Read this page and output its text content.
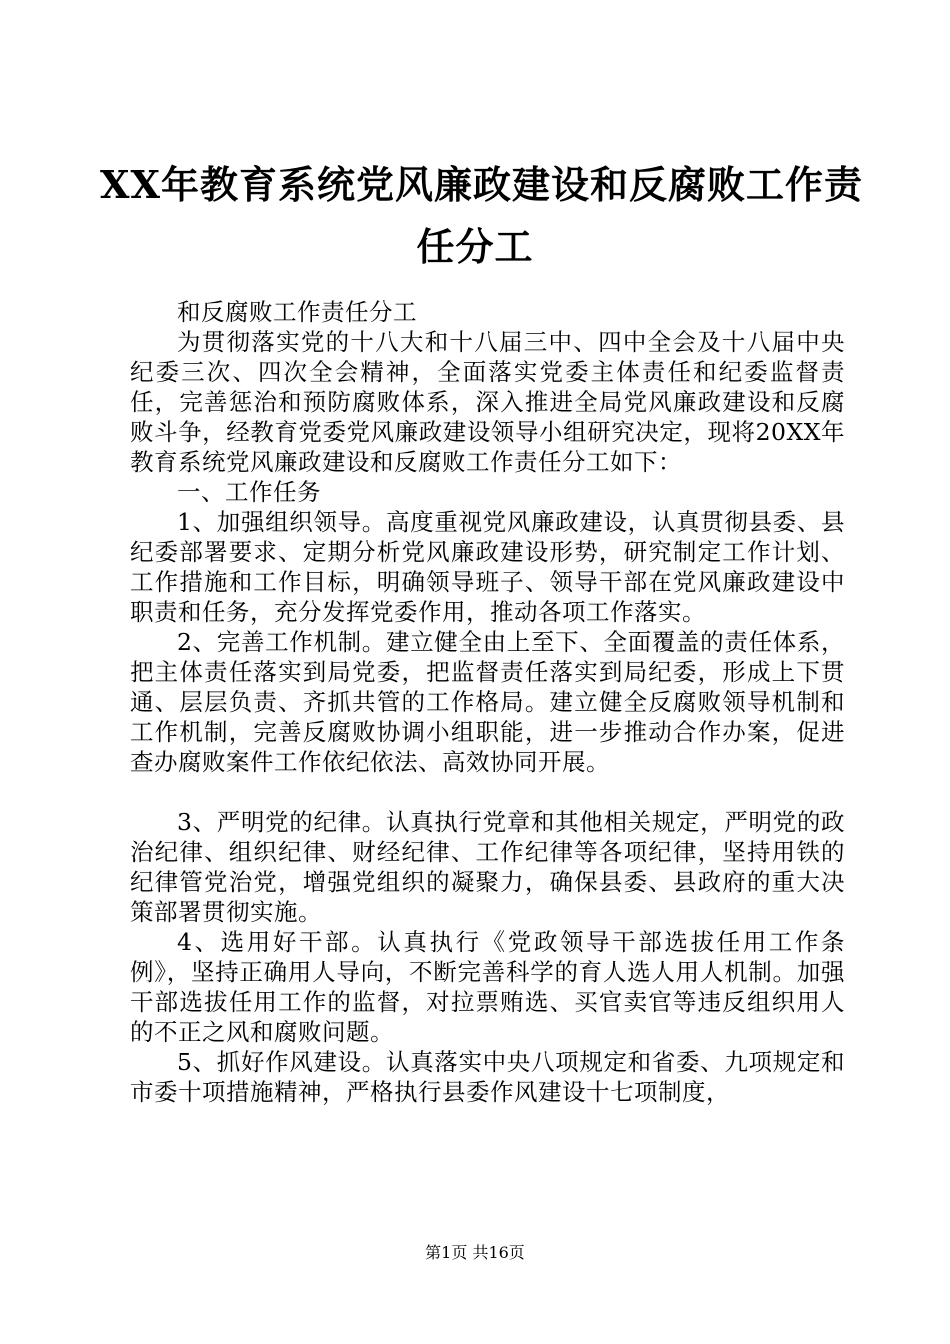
XX年教育系统党风廉政建设和反腐败工作责
任分工

和反腐败工作责任分工

为贯彻落实党的十八大和十八届三中、四中全会及十八届中央纪委三次、四次全会精神，全面落实党委主体责任和纪委监督责任，完善惩治和预防腐败体系，深入推进全局党风廉政建设和反腐败斗争，经教育党委党风廉政建设领导小组研究决定，现将20XX年教育系统党风廉政建设和反腐败工作责任分工如下：

一、工作任务

1、加强组织领导。高度重视党风廉政建设，认真贯彻县委、县纪委部署要求、定期分析党风廉政建设形势，研究制定工作计划、工作措施和工作目标，明确领导班子、领导干部在党风廉政建设中职责和任务，充分发挥党委作用，推动各项工作落实。

2、完善工作机制。建立健全由上至下、全面覆盖的责任体系，把主体责任落实到局党委，把监督责任落实到局纪委，形成上下贯通、层层负责、齐抓共管的工作格局。建立健全反腐败领导机制和工作机制，完善反腐败协调小组职能，进一步推动合作办案，促进查办腐败案件工作依纪依法、高效协同开展。

3、严明党的纪律。认真执行党章和其他相关规定，严明党的政治纪律、组织纪律、财经纪律、工作纪律等各项纪律，坚持用铁的纪律管党治党，增强党组织的凝聚力，确保县委、县政府的重大决策部署贯彻实施。

4、选用好干部。认真执行《党政领导干部选拔任用工作条例》，坚持正确用人导向，不断完善科学的育人选人用人机制。加强干部选拔任用工作的监督，对拉票贿选、买官卖官等违反组织用人的不正之风和腐败问题。

5、抓好作风建设。认真落实中央八项规定和省委、九项规定和市委十项措施精神，严格执行县委作风建设十七项制度，

第1页 共16页
